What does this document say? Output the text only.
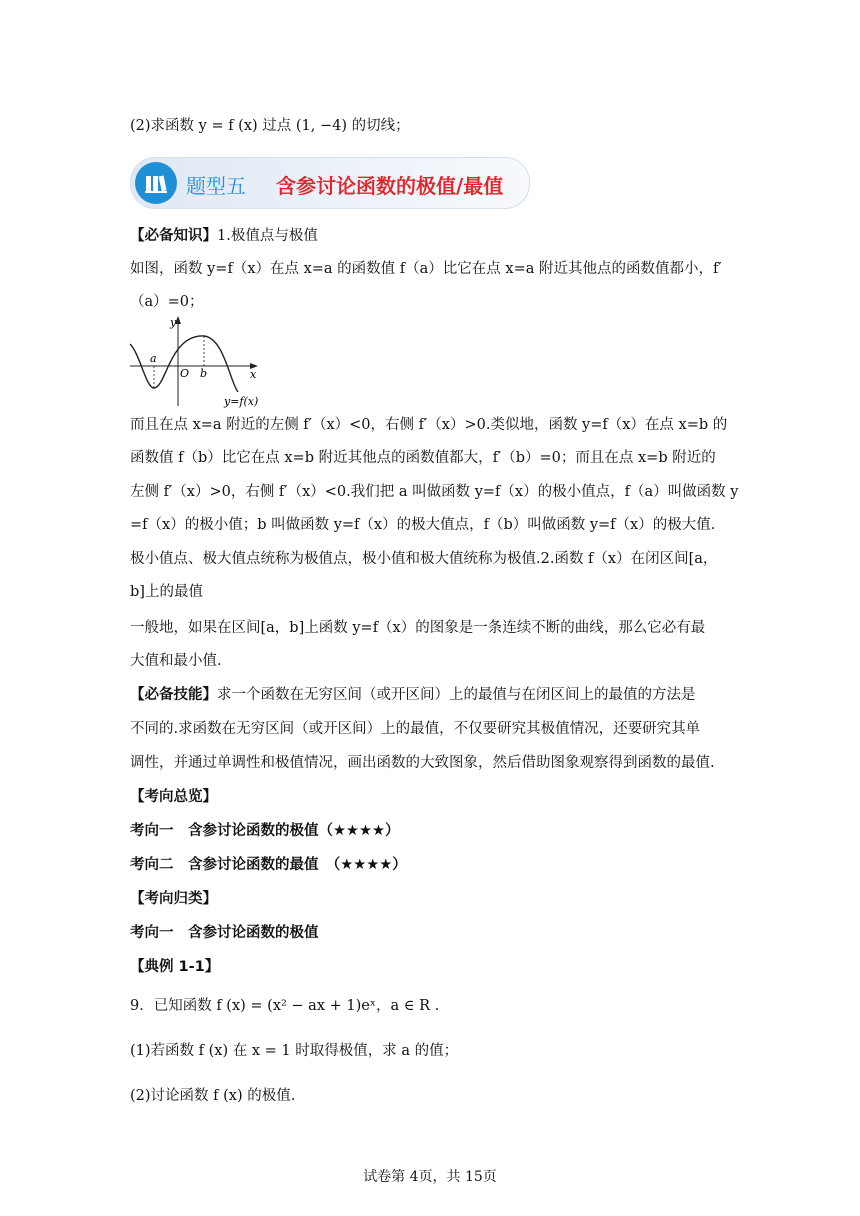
(2)求函数 y = f (x) 过点 (1, −4) 的切线；
题型五 含参讨论函数的极值/最值
【必备知识】1.极值点与极值
如图，函数 y=f（x）在点 x=a 的函数值 f（a）比它在点 x=a 附近其他点的函数值都小，f′
（a）=0；
y
x
a
O b
y=f(x)
而且在点 x=a 附近的左侧 f′（x）<0，右侧 f′（x）>0.类似地，函数 y=f（x）在点 x=b 的
函数值 f（b）比它在点 x=b 附近其他点的函数值都大，f′（b）=0；而且在点 x=b 附近的
左侧 f′（x）>0，右侧 f′（x）<0.我们把 a 叫做函数 y=f（x）的极小值点，f（a）叫做函数 y
=f（x）的极小值；b 叫做函数 y=f（x）的极大值点，f（b）叫做函数 y=f（x）的极大值.
极小值点、极大值点统称为极值点，极小值和极大值统称为极值.2.函数 f（x）在闭区间[a，
b]上的最值
一般地，如果在区间[a，b]上函数 y=f（x）的图象是一条连续不断的曲线，那么它必有最
大值和最小值.
【必备技能】求一个函数在无穷区间（或开区间）上的最值与在闭区间上的最值的方法是
不同的.求函数在无穷区间（或开区间）上的最值，不仅要研究其极值情况，还要研究其单
调性，并通过单调性和极值情况，画出函数的大致图象，然后借助图象观察得到函数的最值.
【考向总览】
考向一　含参讨论函数的极值（★★★★）
考向二　含参讨论函数的最值　（★★★★）
【考向归类】
考向一　含参讨论函数的极值
【典例 1-1】
9．已知函数 f (x) = (x² − ax + 1)eˣ，a ∈ R .
(1)若函数 f (x) 在 x = 1 时取得极值，求 a 的值；
(2)讨论函数 f (x) 的极值.
试卷第 4页，共 15页
